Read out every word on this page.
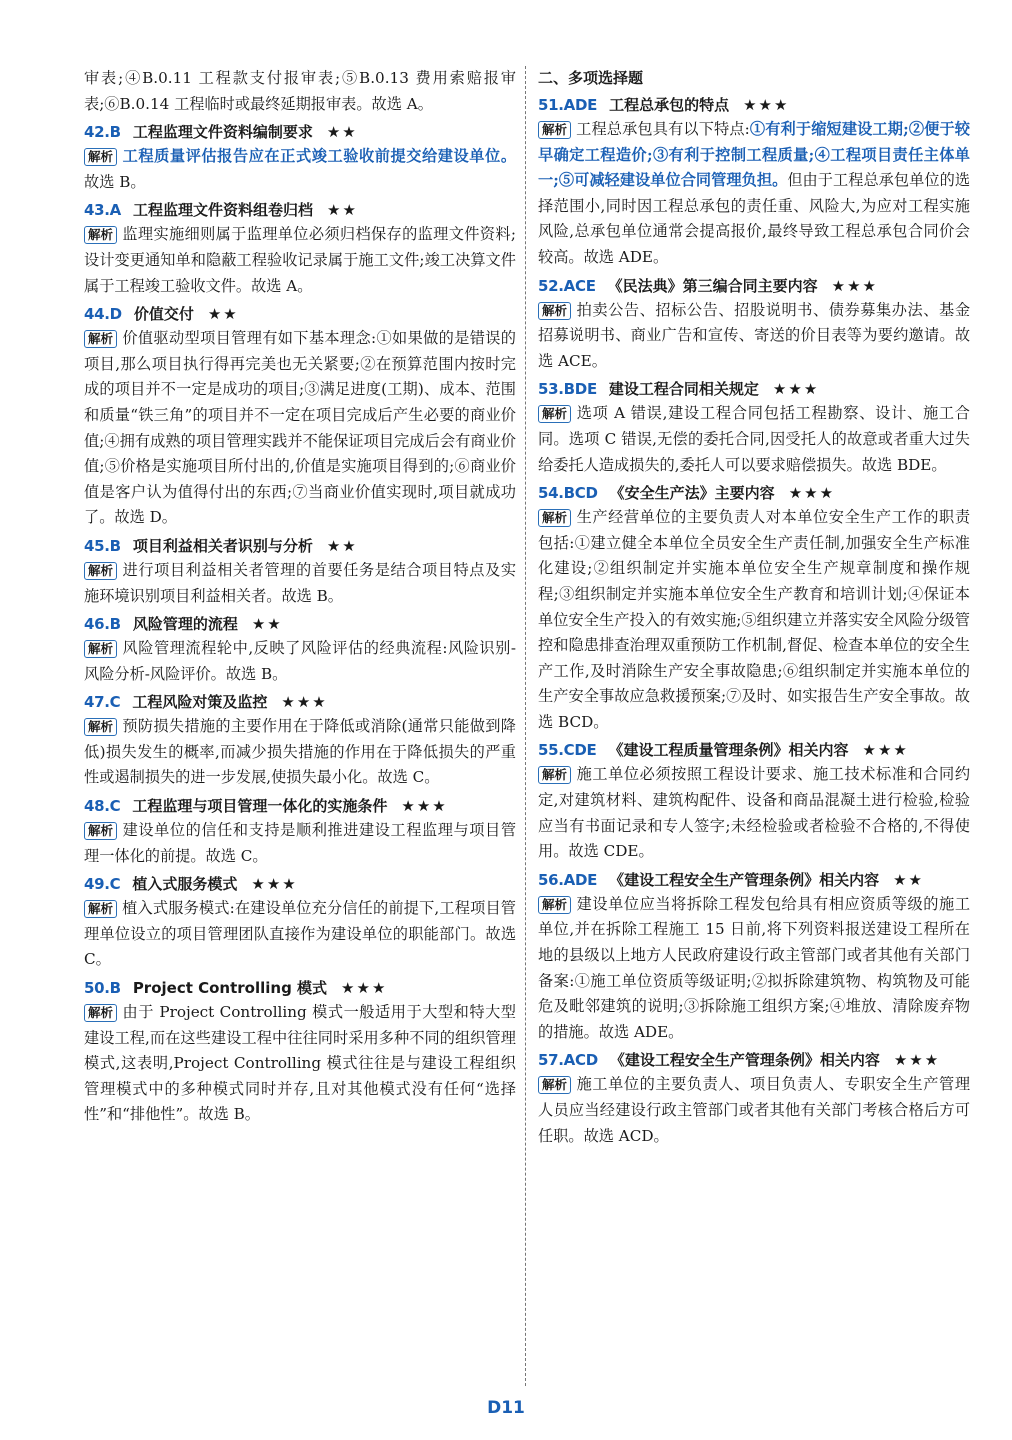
审表;④B.0.11 工程款支付报审表;⑤B.0.13 费用索赔报审表;⑥B.0.14 工程临时或最终延期报审表。故选 A。
42.B 工程监理文件资料编制要求 ★★
解析 工程质量评估报告应在正式竣工验收前提交给建设单位。故选 B。
43.A 工程监理文件资料组卷归档 ★★
解析 监理实施细则属于监理单位必须归档保存的监理文件资料;设计变更通知单和隐蔽工程验收记录属于施工文件;竣工决算文件属于工程竣工验收文件。故选 A。
44.D 价值交付 ★★
解析 价值驱动型项目管理有如下基本理念:①如果做的是错误的项目,那么项目执行得再完美也无关紧要;②在预算范围内按时完成的项目并不一定是成功的项目;③满足进度(工期)、成本、范围和质量“铁三角”的项目并不一定在项目完成后产生必要的商业价值;④拥有成熟的项目管理实践并不能保证项目完成后会有商业价值;⑤价格是实施项目所付出的,价值是实施项目得到的;⑥商业价值是客户认为值得付出的东西;⑦当商业价值实现时,项目就成功了。故选 D。
45.B 项目利益相关者识别与分析 ★★
解析 进行项目利益相关者管理的首要任务是结合项目特点及实施环境识别项目利益相关者。故选 B。
46.B 风险管理的流程 ★★
解析 风险管理流程轮中,反映了风险评估的经典流程:风险识别-风险分析-风险评价。故选 B。
47.C 工程风险对策及监控 ★★★
解析 预防损失措施的主要作用在于降低或消除(通常只能做到降低)损失发生的概率,而减少损失措施的作用在于降低损失的严重性或遏制损失的进一步发展,使损失最小化。故选 C。
48.C 工程监理与项目管理一体化的实施条件 ★★★
解析 建设单位的信任和支持是顺利推进建设工程监理与项目管理一体化的前提。故选 C。
49.C 植入式服务模式 ★★★
解析 植入式服务模式:在建设单位充分信任的前提下,工程项目管理单位设立的项目管理团队直接作为建设单位的职能部门。故选 C。
50.B Project Controlling 模式 ★★★
解析 由于 Project Controlling 模式一般适用于大型和特大型建设工程,而在这些建设工程中往往同时采用多种不同的组织管理模式,这表明,Project Controlling 模式往往是与建设工程组织管理模式中的多种模式同时并存,且对其他模式没有任何“选择性”和“排他性”。故选 B。
二、多项选择题
51.ADE 工程总承包的特点 ★★★
解析 工程总承包具有以下特点:①有利于缩短建设工期;②便于较早确定工程造价;③有利于控制工程质量;④工程项目责任主体单一;⑤可减轻建设单位合同管理负担。但由于工程总承包单位的选择范围小,同时因工程总承包的责任重、风险大,为应对工程实施风险,总承包单位通常会提高报价,最终导致工程总承包合同价会较高。故选 ADE。
52.ACE 《民法典》第三编合同主要内容 ★★★
解析 拍卖公告、招标公告、招股说明书、债券募集办法、基金招募说明书、商业广告和宣传、寄送的价目表等为要约邀请。故选 ACE。
53.BDE 建设工程合同相关规定 ★★★
解析 选项 A 错误,建设工程合同包括工程勘察、设计、施工合同。选项 C 错误,无偿的委托合同,因受托人的故意或者重大过失给委托人造成损失的,委托人可以要求赔偿损失。故选 BDE。
54.BCD 《安全生产法》主要内容 ★★★
解析 生产经营单位的主要负责人对本单位安全生产工作的职责包括:①建立健全本单位全员安全生产责任制,加强安全生产标准化建设;②组织制定并实施本单位安全生产规章制度和操作规程;③组织制定并实施本单位安全生产教育和培训计划;④保证本单位安全生产投入的有效实施;⑤组织建立并落实安全风险分级管控和隐患排查治理双重预防工作机制,督促、检查本单位的安全生产工作,及时消除生产安全事故隐患;⑥组织制定并实施本单位的生产安全事故应急救援预案;⑦及时、如实报告生产安全事故。故选 BCD。
55.CDE 《建设工程质量管理条例》相关内容 ★★★
解析 施工单位必须按照工程设计要求、施工技术标准和合同约定,对建筑材料、建筑构配件、设备和商品混凝土进行检验,检验应当有书面记录和专人签字;未经检验或者检验不合格的,不得使用。故选 CDE。
56.ADE 《建设工程安全生产管理条例》相关内容 ★★
解析 建设单位应当将拆除工程发包给具有相应资质等级的施工单位,并在拆除工程施工 15 日前,将下列资料报送建设工程所在地的县级以上地方人民政府建设行政主管部门或者其他有关部门备案:①施工单位资质等级证明;②拟拆除建筑物、构筑物及可能危及毗邻建筑的说明;③拆除施工组织方案;④堆放、清除废弃物的措施。故选 ADE。
57.ACD 《建设工程安全生产管理条例》相关内容 ★★★
解析 施工单位的主要负责人、项目负责人、专职安全生产管理人员应当经建设行政主管部门或者其他有关部门考核合格后方可任职。故选 ACD。
D11
